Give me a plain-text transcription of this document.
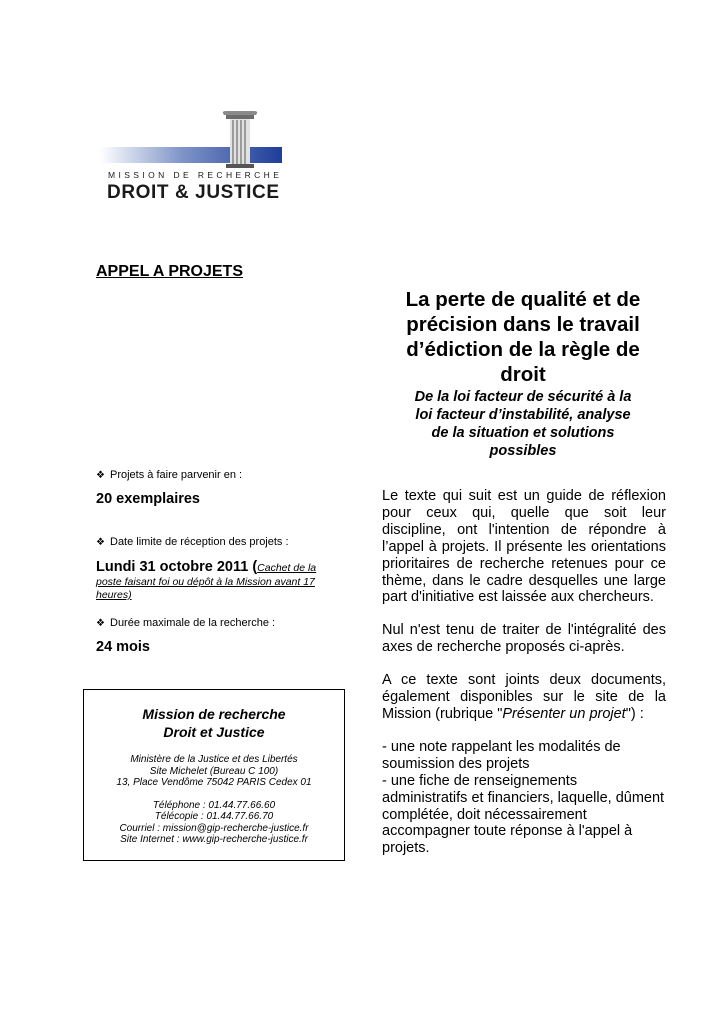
MISSION DE RECHERCHE
DROIT & JUSTICE
APPEL A PROJETS
La perte de qualité et de
précision dans le travail
d’édiction de la règle de
droit
De la loi facteur de sécurité à la
loi facteur d’instabilité, analyse
de la situation et solutions
possibles
❖ Projets à faire parvenir en :
20 exemplaires
❖ Date limite de réception des projets :
Lundi 31 octobre 2011 (Cachet de la
poste faisant foi ou dépôt à la Mission avant 17
heures)
❖ Durée maximale de la recherche :
24 mois
Mission de recherche
Droit et Justice
Ministère de la Justice et des Libertés
Site Michelet (Bureau C 100)
13, Place Vendôme 75042 PARIS Cedex 01
Téléphone : 01.44.77.66.60
Télécopie : 01.44.77.66.70
Courriel : mission@gip-recherche-justice.fr
Site Internet : www.gip-recherche-justice.fr

Le texte qui suit est un guide de réflexion pour ceux qui, quelle que soit leur discipline, ont l'intention de répondre à l’appel à projets. Il présente les orientations prioritaires de recherche retenues pour ce thème, dans le cadre desquelles une large part d'initiative est laissée aux chercheurs.

Nul n'est tenu de traiter de l'intégralité des axes de recherche proposés ci-après.

A ce texte sont joints deux documents, également disponibles sur le site de la Mission (rubrique "Présenter un projet") :

- une note rappelant les modalités de soumission des projets

- une fiche de renseignements administratifs et financiers, laquelle, dûment complétée, doit nécessairement accompagner toute réponse à l'appel à projets.
